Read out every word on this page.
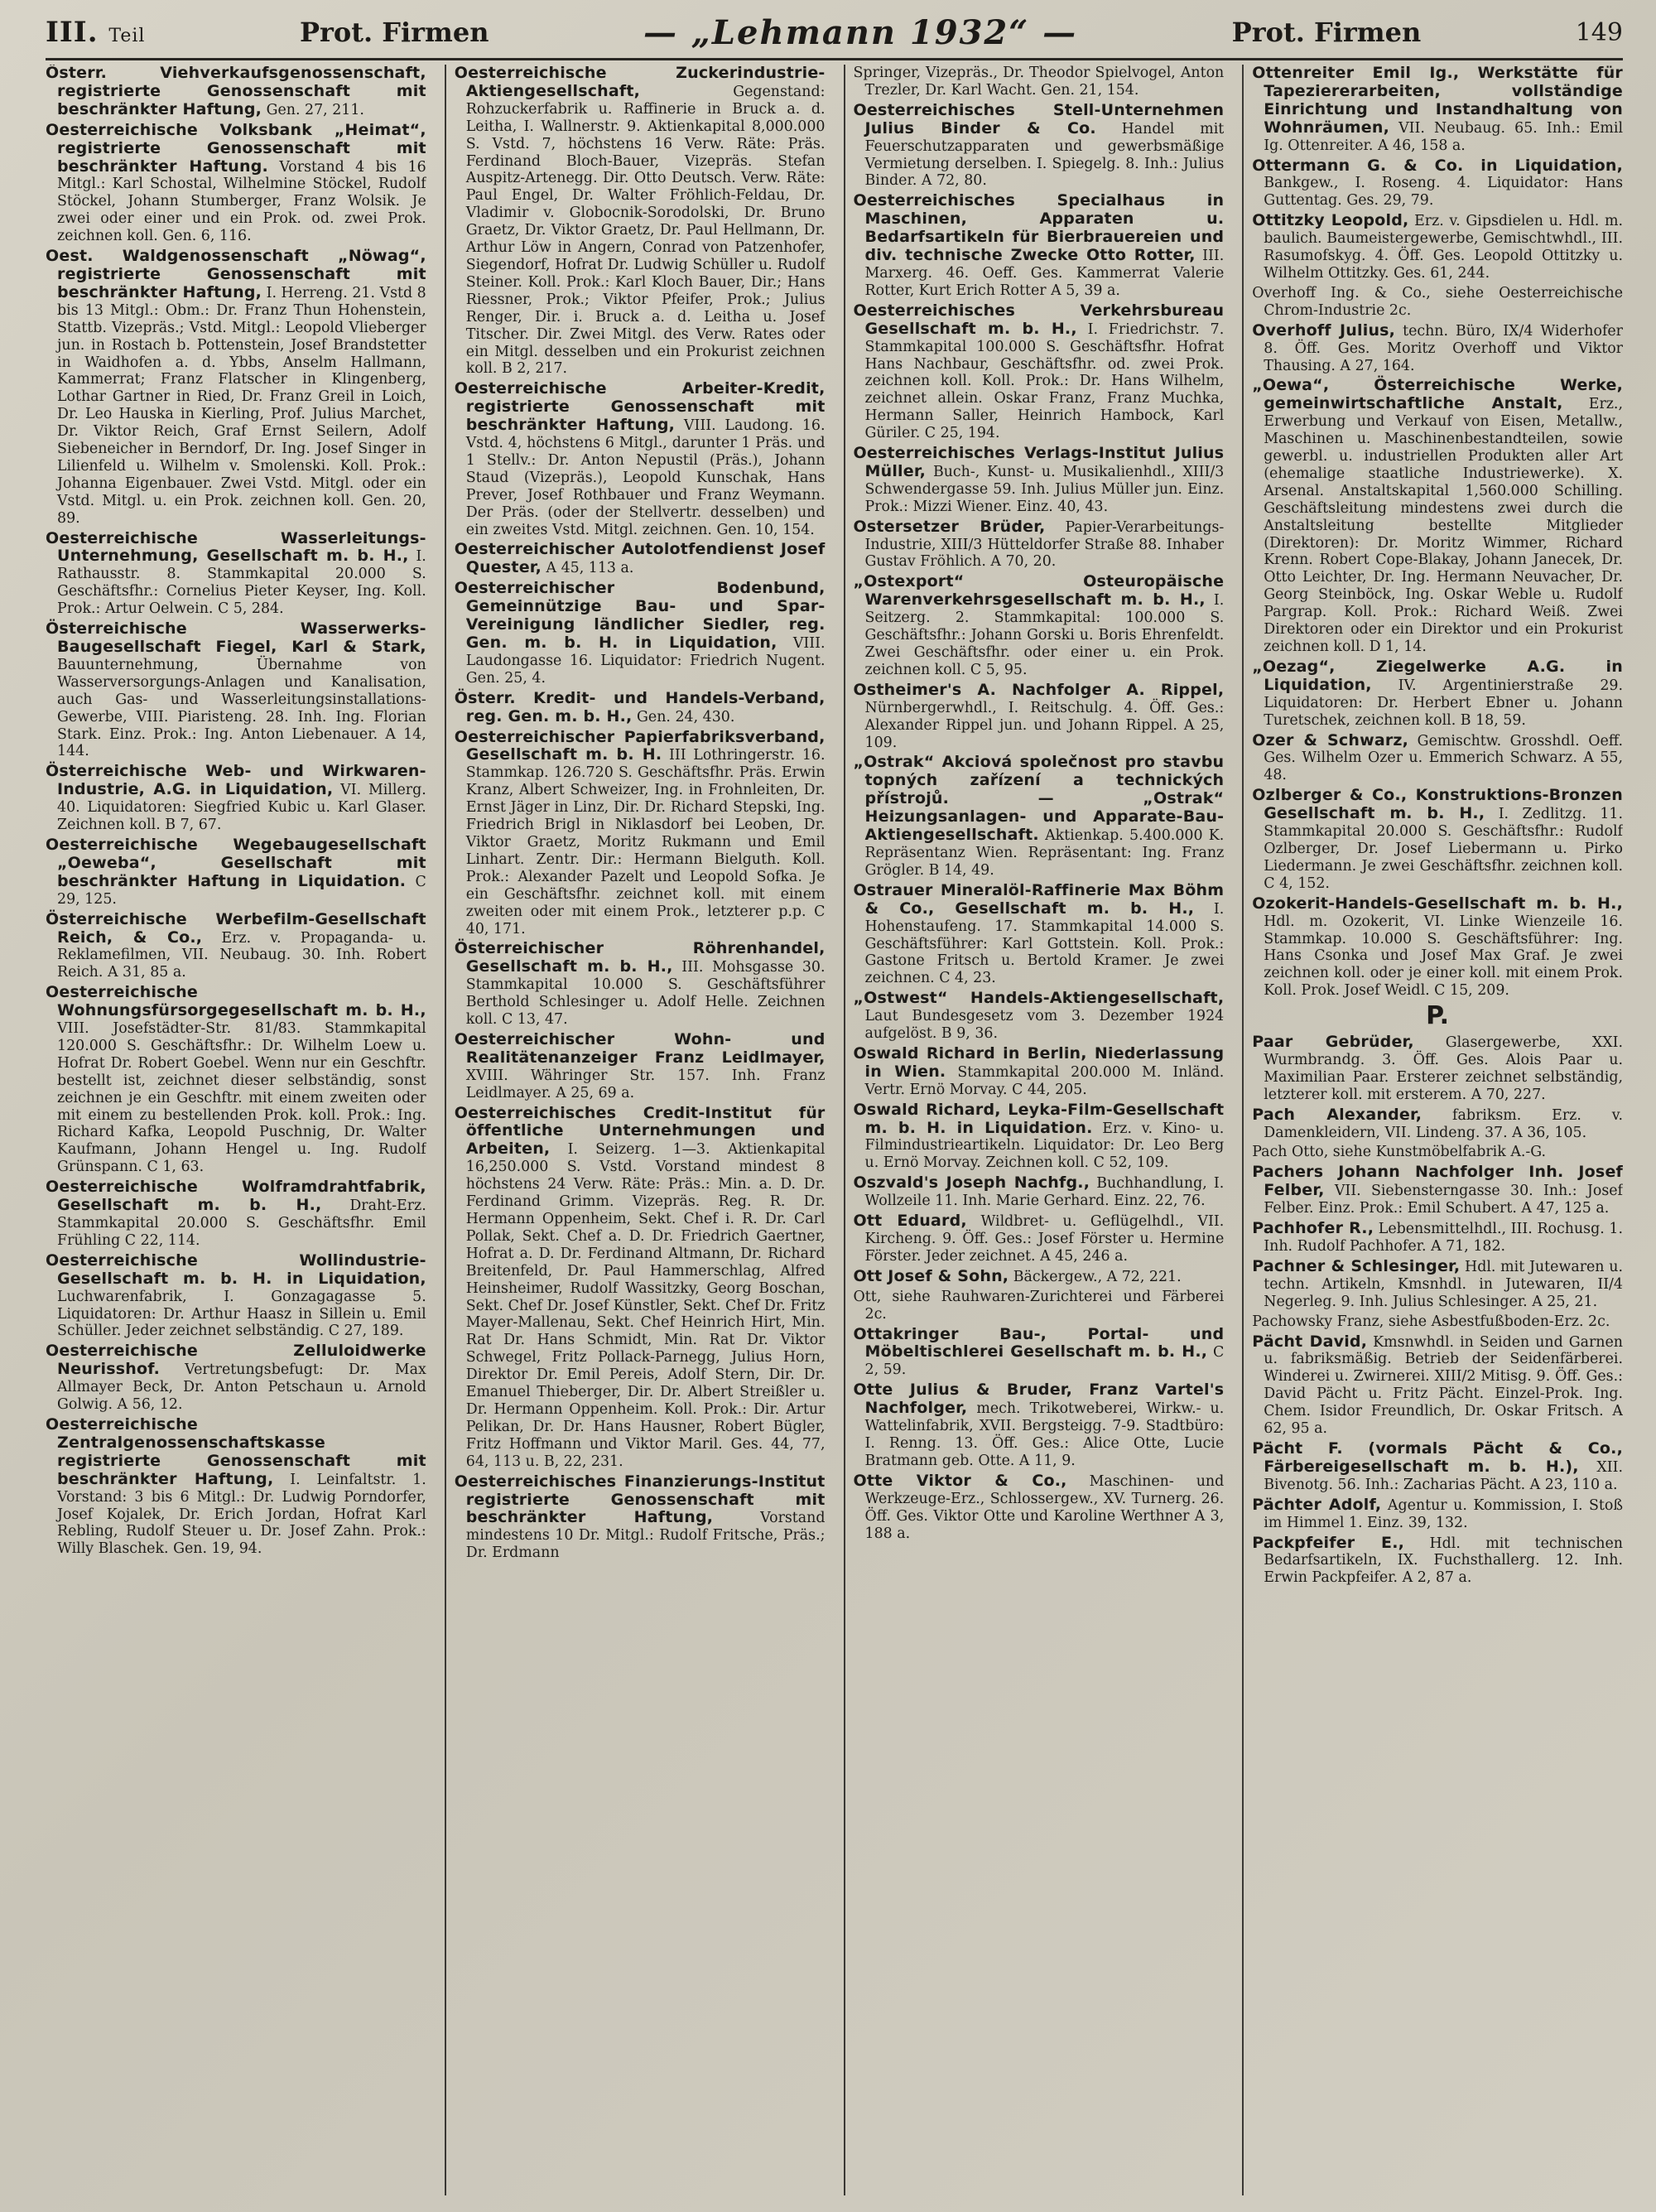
III. Teil	Prot. Firmen	— „Lehmann 1932“ —	Prot. Firmen	149

Österr. Viehverkaufsgenossenschaft, registrierte Genossenschaft mit beschränkter Haftung, Gen. 27, 211.

Oesterreichische Volksbank „Heimat“, registrierte Genossenschaft mit beschränkter Haftung. Vorstand 4 bis 16 Mitgl.: Karl Schostal, Wilhelmine Stöckel, Rudolf Stöckel, Johann Stumberger, Franz Wolsik. Je zwei oder einer und ein Prok. od. zwei Prok. zeichnen koll. Gen. 6, 116.

Oest. Waldgenossenschaft „Nöwag“, registrierte Genossenschaft mit beschränkter Haftung, I. Herreng. 21. Vstd 8 bis 13 Mitgl.: Obm.: Dr. Franz Thun Hohenstein, Stattb. Vizepräs.; Vstd. Mitgl.: Leopold Vlieberger jun. in Rostach b. Pottenstein, Josef Brandstetter in Waidhofen a. d. Ybbs, Anselm Hallmann, Kammerrat; Franz Flatscher in Klingenberg, Lothar Gartner in Ried, Dr. Franz Greil in Loich, Dr. Leo Hauska in Kierling, Prof. Julius Marchet, Dr. Viktor Reich, Graf Ernst Seilern, Adolf Siebeneicher in Berndorf, Dr. Ing. Josef Singer in Lilienfeld u. Wilhelm v. Smolenski. Koll. Prok.: Johanna Eigenbauer. Zwei Vstd. Mitgl. oder ein Vstd. Mitgl. u. ein Prok. zeichnen koll. Gen. 20, 89.

Oesterreichische Wasserleitungs-Unternehmung, Gesellschaft m. b. H., I. Rathausstr. 8. Stammkapital 20.000 S. Geschäftsfhr.: Cornelius Pieter Keyser, Ing. Koll. Prok.: Artur Oelwein. C 5, 284.

Österreichische Wasserwerks-Baugesellschaft Fiegel, Karl & Stark, Bauunternehmung, Übernahme von Wasserversorgungs-Anlagen und Kanalisation, auch Gas- und Wasserleitungsinstallations-Gewerbe, VIII. Piaristeng. 28. Inh. Ing. Florian Stark. Einz. Prok.: Ing. Anton Liebenauer. A 14, 144.

Österreichische Web- und Wirkwaren-Industrie, A.G. in Liquidation, VI. Millerg. 40. Liquidatoren: Siegfried Kubic u. Karl Glaser. Zeichnen koll. B 7, 67.

Oesterreichische Wegebaugesellschaft „Oeweba“, Gesellschaft mit beschränkter Haftung in Liquidation. C 29, 125.

Österreichische Werbefilm-Gesellschaft Reich, & Co., Erz. v. Propaganda- u. Reklamefilmen, VII. Neubaug. 30. Inh. Robert Reich. A 31, 85 a.

Oesterreichische Wohnungsfürsorgegesellschaft m. b. H., VIII. Josefstädter-Str. 81/83. Stammkapital 120.000 S. Geschäftsfhr.: Dr. Wilhelm Loew u. Hofrat Dr. Robert Goebel. Wenn nur ein Geschftr. bestellt ist, zeichnet dieser selbständig, sonst zeichnen je ein Geschftr. mit einem zweiten oder mit einem zu bestellenden Prok. koll. Prok.: Ing. Richard Kafka, Leopold Puschnig, Dr. Walter Kaufmann, Johann Hengel u. Ing. Rudolf Grünspann. C 1, 63.

Oesterreichische Wolframdrahtfabrik, Gesellschaft m. b. H., Draht-Erz. Stammkapital 20.000 S. Geschäftsfhr. Emil Frühling C 22, 114.

Oesterreichische Wollindustrie-Gesellschaft m. b. H. in Liquidation, Luchwarenfabrik, I. Gonzagagasse 5. Liquidatoren: Dr. Arthur Haasz in Sillein u. Emil Schüller. Jeder zeichnet selbständig. C 27, 189.

Oesterreichische Zelluloidwerke Neurisshof. Vertretungsbefugt: Dr. Max Allmayer Beck, Dr. Anton Petschaun u. Arnold Golwig. A 56, 12.

Oesterreichische Zentralgenossenschaftskasse registrierte Genossenschaft mit beschränkter Haftung, I. Leinfaltstr. 1. Vorstand: 3 bis 6 Mitgl.: Dr. Ludwig Porndorfer, Josef Kojalek, Dr. Erich Jordan, Hofrat Karl Rebling, Rudolf Steuer u. Dr. Josef Zahn. Prok.: Willy Blaschek. Gen. 19, 94.

Oesterreichische Zuckerindustrie-Aktiengesellschaft,	Gegenstand: Rohzuckerfabrik u. Raffinerie in Bruck a. d. Leitha, I. Wallnerstr. 9. Aktienkapital 8,000.000 S. Vstd. 7, höchstens 16 Verw. Räte: Präs. Ferdinand Bloch-Bauer, Vizepräs. Stefan Auspitz-Artenegg. Dir. Otto Deutsch. Verw. Räte: Paul Engel, Dr. Walter Fröhlich-Feldau, Dr. Vladimir v. Globocnik-Sorodolski, Dr. Bruno Graetz, Dr. Viktor Graetz, Dr. Paul Hellmann, Dr. Arthur Löw in Angern, Conrad von Patzenhofer, Siegendorf, Hofrat Dr. Ludwig Schüller u. Rudolf Steiner. Koll. Prok.: Karl Kloch Bauer, Dir.; Hans Riessner, Prok.; Viktor Pfeifer, Prok.; Julius Renger, Dir. i. Bruck a. d. Leitha u. Josef Titscher. Dir. Zwei Mitgl. des Verw. Rates oder ein Mitgl. desselben und ein Prokurist zeichnen koll. B 2, 217.

Oesterreichische Arbeiter-Kredit, registrierte Genossenschaft mit beschränkter Haftung, VIII. Laudong. 16. Vstd. 4, höchstens 6 Mitgl., darunter 1 Präs. und 1 Stellv.: Dr. Anton Nepustil (Präs.), Johann Staud (Vizepräs.), Leopold Kunschak, Hans Prever, Josef Rothbauer und Franz Weymann. Der Präs. (oder der Stellvertr. desselben) und ein zweites Vstd. Mitgl. zeichnen. Gen. 10, 154.

Oesterreichischer Autolotfendienst Josef Quester, A 45, 113 a.

Oesterreichischer Bodenbund, Gemeinnützige Bau- und Spar-Vereinigung ländlicher Siedler, reg. Gen. m. b. H. in Liquidation, VIII. Laudongasse 16. Liquidator: Friedrich Nugent. Gen. 25, 4.

Österr. Kredit- und Handels-Verband, reg. Gen. m. b. H., Gen. 24, 430.

Oesterreichischer Papierfabriksverband, Gesellschaft m. b. H. III Lothringerstr. 16. Stammkap. 126.720 S. Geschäftsfhr. Präs. Erwin Kranz, Albert Schweizer, Ing. in Frohnleiten, Dr. Ernst Jäger in Linz, Dir. Dr. Richard Stepski, Ing. Friedrich Brigl in Niklasdorf bei Leoben, Dr. Viktor Graetz, Moritz Rukmann und Emil Linhart. Zentr. Dir.: Hermann Bielguth. Koll. Prok.: Alexander Pazelt und Leopold Sofka. Je ein Geschäftsfhr. zeichnet koll. mit einem zweiten oder mit einem Prok., letzterer p.p. C 40, 171.

Österreichischer Röhrenhandel, Gesellschaft m. b. H., III. Mohsgasse 30. Stammkapital 10.000 S. Geschäftsführer Berthold Schlesinger u. Adolf Helle. Zeichnen koll. C 13, 47.

Oesterreichischer Wohn- und Realitätenanzeiger Franz Leidlmayer, XVIII. Währinger Str. 157. Inh. Franz Leidlmayer. A 25, 69 a.

Oesterreichisches Credit-Institut für öffentliche Unternehmungen und Arbeiten, I. Seizerg. 1—3. Aktienkapital 16,250.000 S. Vstd. Vorstand mindest 8 höchstens 24 Verw. Räte: Präs.: Min. a. D. Dr. Ferdinand Grimm. Vizepräs. Reg. R. Dr. Hermann Oppenheim, Sekt. Chef i. R. Dr. Carl Pollak, Sekt. Chef a. D. Dr. Friedrich Gaertner, Hofrat a. D. Dr. Ferdinand Altmann, Dr. Richard Breitenfeld, Dr. Paul Hammerschlag, Alfred Heinsheimer, Rudolf Wassitzky, Georg Boschan, Sekt. Chef Dr. Josef Künstler, Sekt. Chef Dr. Fritz Mayer-Mallenau, Sekt. Chef Heinrich Hirt, Min. Rat Dr. Hans Schmidt, Min. Rat Dr. Viktor Schwegel, Fritz Pollack-Parnegg, Julius Horn, Direktor Dr. Emil Pereis, Adolf Stern, Dir. Dr. Emanuel Thieberger, Dir. Dr. Albert Streißler u. Dr. Hermann Oppenheim. Koll. Prok.: Dir. Artur Pelikan, Dr. Dr. Hans Hausner, Robert Bügler, Fritz Hoffmann und Viktor Maril. Ges. 44, 77, 64, 113 u. B, 22, 231.

Oesterreichisches Finanzierungs-Institut registrierte Genossenschaft mit beschränkter Haftung,	Vorstand mindestens 10 Dr. Mitgl.: Rudolf Fritsche, Präs.; Dr. Erdmann

Springer, Vizepräs., Dr. Theodor Spielvogel, Anton Trezler, Dr. Karl Wacht. Gen. 21, 154.

Oesterreichisches Stell-Unternehmen Julius Binder & Co. Handel mit Feuerschutzapparaten und gewerbsmäßige Vermietung derselben. I. Spiegelg. 8. Inh.: Julius Binder. A 72, 80.

Oesterreichisches Specialhaus in Maschinen, Apparaten u. Bedarfsartikeln für Bierbrauereien und div. technische Zwecke Otto Rotter, III. Marxerg. 46. Oeff. Ges. Kammerrat Valerie Rotter, Kurt Erich Rotter A 5, 39 a.

Oesterreichisches Verkehrsbureau Gesellschaft m. b. H., I. Friedrichstr. 7. Stammkapital 100.000 S. Geschäftsfhr. Hofrat Hans Nachbaur, Geschäftsfhr. od. zwei Prok. zeichnen koll. Koll. Prok.: Dr. Hans Wilhelm, zeichnet allein. Oskar Franz, Franz Muchka, Hermann Saller, Heinrich Hambock, Karl Güriler. C 25, 194.

Oesterreichisches Verlags-Institut Julius Müller, Buch-, Kunst- u. Musikalienhdl., XIII/3 Schwendergasse 59. Inh. Julius Müller jun. Einz. Prok.: Mizzi Wiener. Einz. 40, 43.

Ostersetzer Brüder, Papier-Verarbeitungs-Industrie, XIII/3 Hütteldorfer Straße 88. Inhaber Gustav Fröhlich. A 70, 20.

„Ostexport“ Osteuropäische Warenverkehrsgesellschaft m. b. H., I. Seitzerg. 2. Stammkapital: 100.000 S. Geschäftsfhr.: Johann Gorski u. Boris Ehrenfeldt. Zwei Geschäftsfhr. oder einer u. ein Prok. zeichnen koll. C 5, 95.

Ostheimer's A. Nachfolger A. Rippel, Nürnbergerwhdl., I. Reitschulg. 4. Öff. Ges.: Alexander Rippel jun. und Johann Rippel. A 25, 109.

„Ostrak“ Akciová společnost pro stavbu topných zařízení a technických přístrojů. — „Ostrak“ Heizungsanlagen- und Apparate-Bau-Aktiengesellschaft. Aktienkap. 5.400.000 K. Repräsentanz Wien. Repräsentant: Ing. Franz Grögler. B 14, 49.

Ostrauer Mineralöl-Raffinerie Max Böhm & Co., Gesellschaft m. b. H., I. Hohenstaufeng. 17. Stammkapital 14.000 S. Geschäftsführer: Karl Gottstein. Koll. Prok.: Gastone Fritsch u. Bertold Kramer. Je zwei zeichnen. C 4, 23.

„Ostwest“ Handels-Aktiengesellschaft, Laut Bundesgesetz vom 3. Dezember 1924 aufgelöst. B 9, 36.

Oswald Richard in Berlin, Niederlassung in Wien. Stammkapital 200.000 M. Inländ. Vertr. Ernö Morvay. C 44, 205.

Oswald Richard, Leyka-Film-Gesellschaft m. b. H. in Liquidation. Erz. v. Kino- u. Filmindustrieartikeln. Liquidator: Dr. Leo Berg u. Ernö Morvay. Zeichnen koll. C 52, 109.

Oszvald's Joseph Nachfg., Buchhandlung, I. Wollzeile 11. Inh. Marie Gerhard. Einz. 22, 76.

Ott Eduard, Wildbret- u. Geflügelhdl., VII. Kircheng. 9. Öff. Ges.: Josef Förster u. Hermine Förster. Jeder zeichnet. A 45, 246 a.

Ott Josef & Sohn, Bäckergew., A 72, 221.

Ott, siehe Rauhwaren-Zurichterei und Färberei 2c.

Ottakringer Bau-, Portal- und Möbeltischlerei Gesellschaft m. b. H., C 2, 59.

Otte Julius & Bruder, Franz Vartel's Nachfolger, mech. Trikotweberei, Wirkw.- u. Wattelinfabrik, XVII. Bergsteigg. 7-9. Stadtbüro: I. Renng. 13. Öff. Ges.: Alice Otte, Lucie Bratmann geb. Otte. A 11, 9.

Otte Viktor & Co., Maschinen- und Werkzeuge-Erz., Schlossergew., XV. Turnerg. 26. Öff. Ges. Viktor Otte und Karoline Werthner A 3, 188 a.

Ottenreiter Emil Ig., Werkstätte für Tapeziererarbeiten, vollständige Einrichtung und Instandhaltung von Wohnräumen, VII. Neubaug. 65. Inh.: Emil Ig. Ottenreiter. A 46, 158 a.

Ottermann G. & Co. in Liquidation, Bankgew., I. Roseng. 4. Liquidator: Hans Guttentag. Ges. 29, 79.

Ottitzky Leopold, Erz. v. Gipsdielen u. Hdl. m. baulich. Baumeistergewerbe, Gemischtwhdl., III. Rasumofskyg. 4. Öff. Ges. Leopold Ottitzky u. Wilhelm Ottitzky. Ges. 61, 244.

Overhoff Ing. & Co., siehe Oesterreichische Chrom-Industrie 2c.

Overhoff Julius, techn. Büro, IX/4 Widerhofer 8. Öff. Ges. Moritz Overhoff und Viktor Thausing. A 27, 164.

„Oewa“, Österreichische Werke, gemeinwirtschaftliche Anstalt, Erz., Erwerbung und Verkauf von Eisen, Metallw., Maschinen u. Maschinenbestandteilen, sowie gewerbl. u. industriellen Produkten aller Art (ehemalige staatliche Industriewerke). X. Arsenal. Anstaltskapital 1,560.000 Schilling. Geschäftsleitung mindestens zwei durch die Anstaltsleitung bestellte Mitglieder (Direktoren): Dr. Moritz Wimmer, Richard Krenn. Robert Cope-Blakay, Johann Janecek, Dr. Otto Leichter, Dr. Ing. Hermann Neuvacher, Dr. Georg Steinböck, Ing. Oskar Weble u. Rudolf Pargrap. Koll. Prok.: Richard Weiß. Zwei Direktoren oder ein Direktor und ein Prokurist zeichnen koll. D 1, 14.

„Oezag“, Ziegelwerke A.G. in Liquidation, IV. Argentinierstraße 29. Liquidatoren: Dr. Herbert Ebner u. Johann Turetschek, zeichnen koll. B 18, 59.

Ozer & Schwarz, Gemischtw. Grosshdl. Oeff. Ges. Wilhelm Ozer u. Emmerich Schwarz. A 55, 48.

Ozlberger & Co., Konstruktions-Bronzen Gesellschaft m. b. H., I. Zedlitzg. 11. Stammkapital 20.000 S. Geschäftsfhr.: Rudolf Ozlberger, Dr. Josef Liebermann u. Pirko Liedermann. Je zwei Geschäftsfhr. zeichnen koll. C 4, 152.

Ozokerit-Handels-Gesellschaft m. b. H., Hdl. m. Ozokerit, VI. Linke Wienzeile 16. Stammkap. 10.000 S. Geschäftsführer: Ing. Hans Csonka und Josef Max Graf. Je zwei zeichnen koll. oder je einer koll. mit einem Prok. Koll. Prok. Josef Weidl. C 15, 209.

P.

Paar Gebrüder, Glasergewerbe, XXI. Wurmbrandg. 3. Öff. Ges. Alois Paar u. Maximilian Paar. Ersterer zeichnet selbständig, letzterer koll. mit ersterem. A 70, 227.

Pach Alexander, fabriksm. Erz. v. Damenkleidern, VII. Lindeng. 37. A 36, 105.

Pach Otto, siehe Kunstmöbelfabrik A.-G.

Pachers Johann Nachfolger Inh. Josef Felber, VII. Siebensterngasse 30. Inh.: Josef Felber. Einz. Prok.: Emil Schubert. A 47, 125 a.

Pachhofer R., Lebensmittelhdl., III. Rochusg. 1. Inh. Rudolf Pachhofer. A 71, 182.

Pachner & Schlesinger, Hdl. mit Jutewaren u. techn. Artikeln, Kmsnhdl. in Jutewaren, II/4 Negerleg. 9. Inh. Julius Schlesinger. A 25, 21.

Pachowsky Franz, siehe Asbestfußboden-Erz. 2c.

Pächt David, Kmsnwhdl. in Seiden und Garnen u. fabriksmäßig. Betrieb der Seidenfärberei. Winderei u. Zwirnerei. XIII/2 Mitisg. 9. Öff. Ges.: David Pächt u. Fritz Pächt. Einzel-Prok. Ing. Chem. Isidor Freundlich, Dr. Oskar Fritsch. A 62, 95 a.

Pächt F. (vormals Pächt & Co., Färbereigesellschaft m. b. H.), XII. Bivenotg. 56. Inh.: Zacharias Pächt. A 23, 110 a.

Pächter Adolf, Agentur u. Kommission, I. Stoß im Himmel 1. Einz. 39, 132.

Packpfeifer E., Hdl. mit technischen Bedarfsartikeln, IX. Fuchsthallerg. 12. Inh. Erwin Packpfeifer. A 2, 87 a.
